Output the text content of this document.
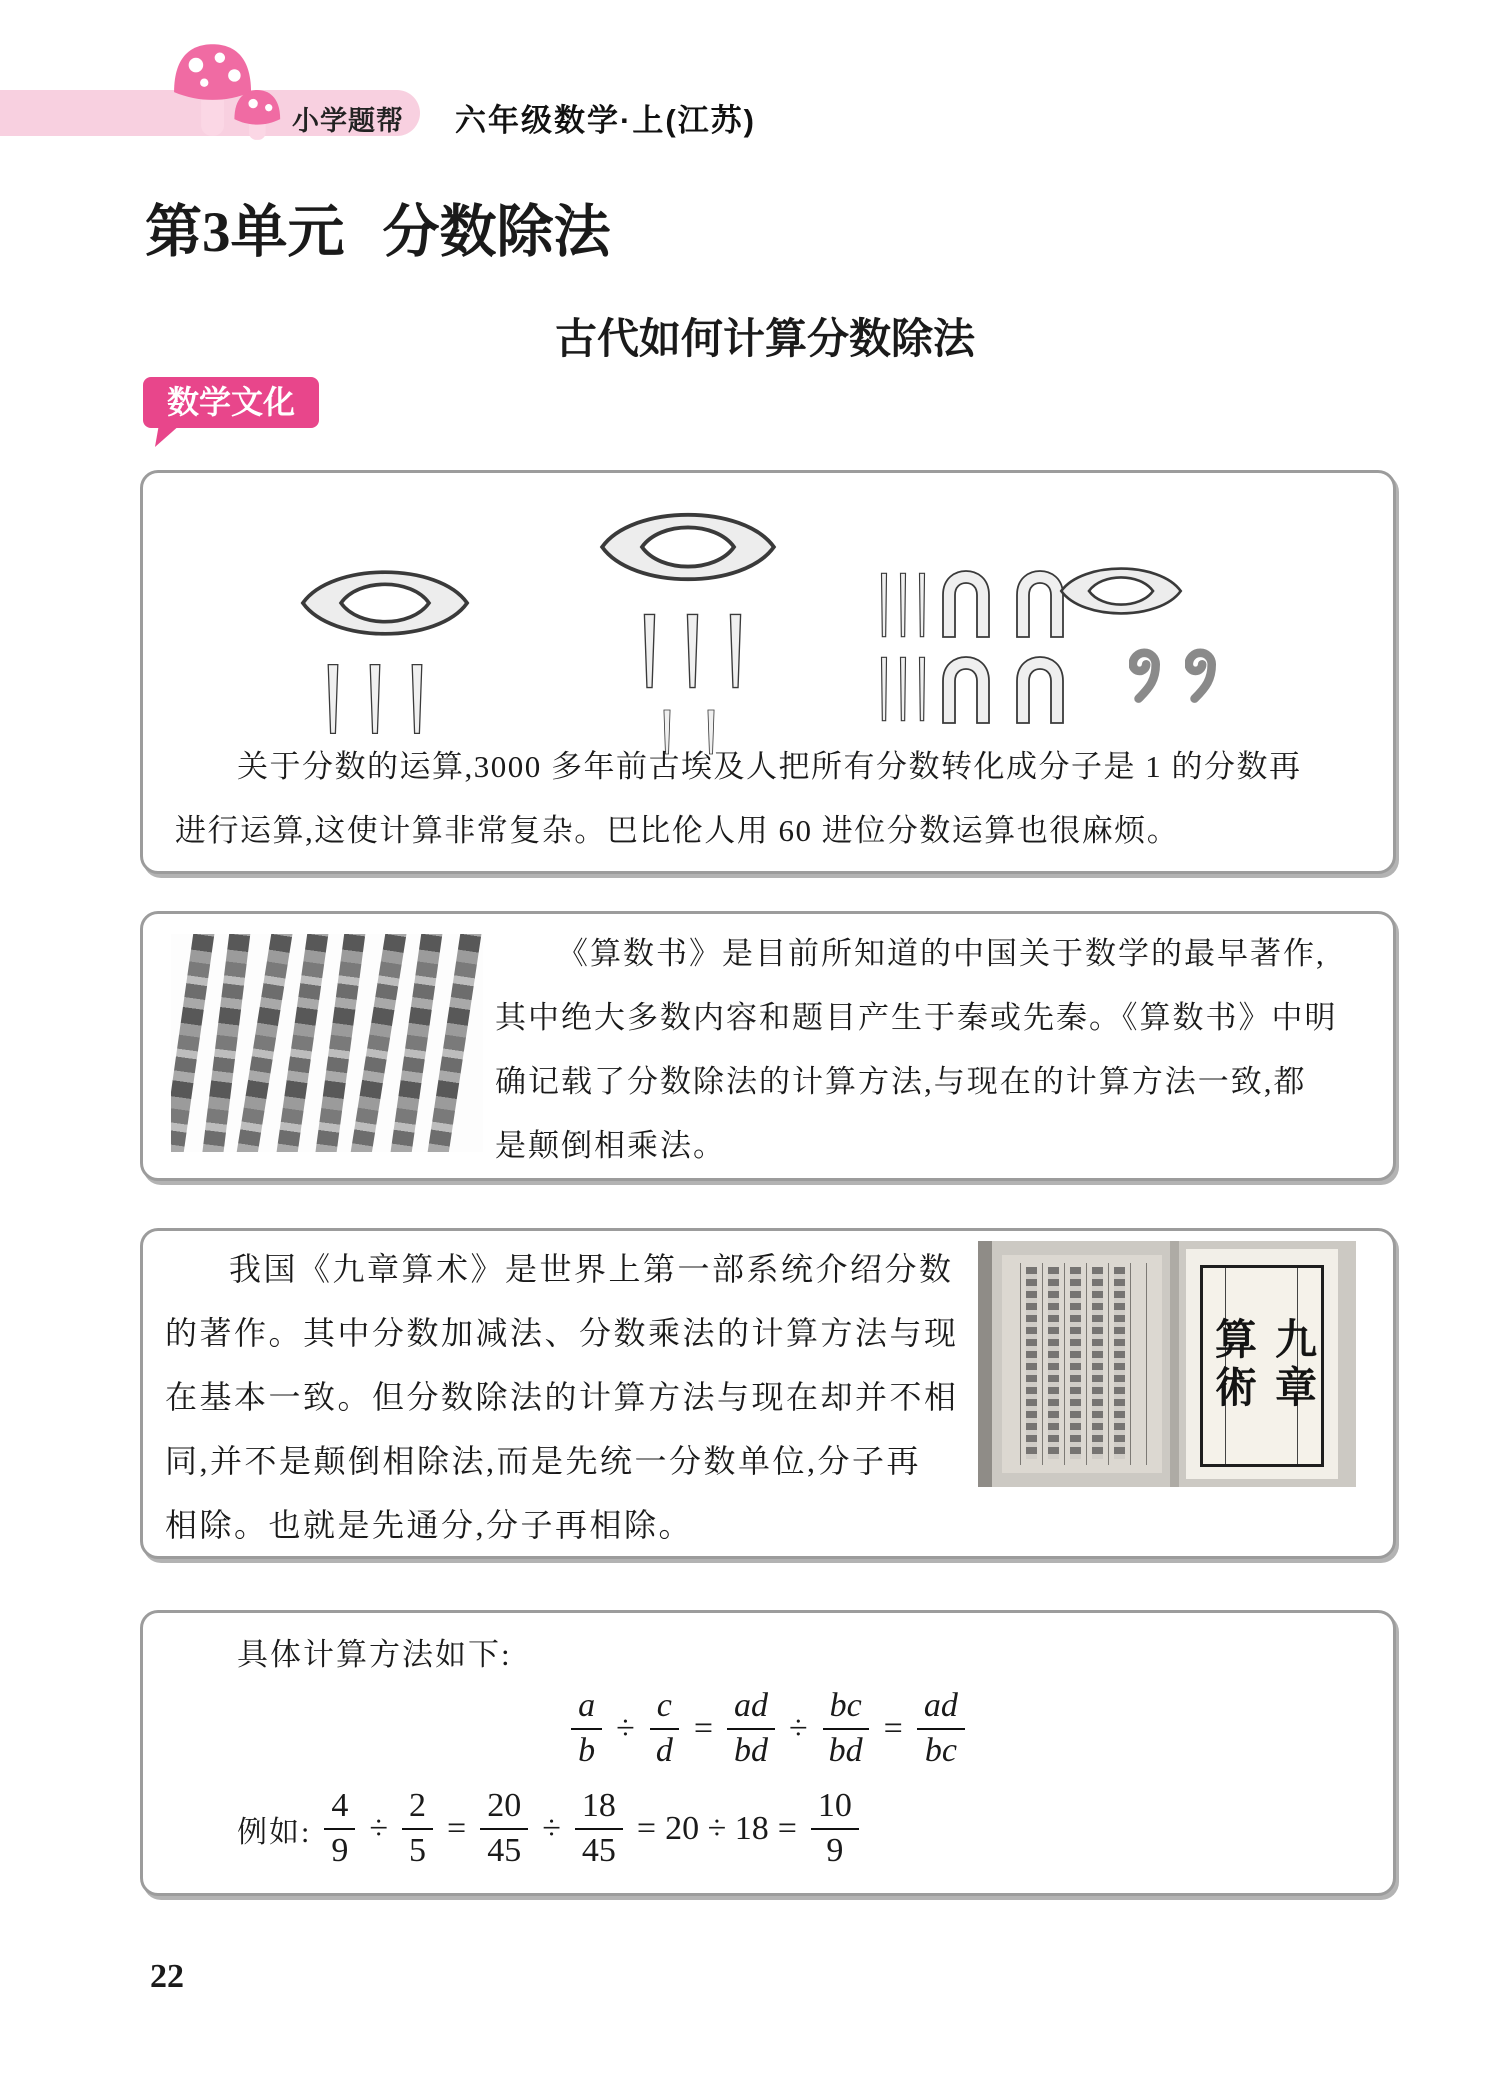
小学题帮 六年级数学·上(江苏)
第3单元 分数除法
古代如何计算分数除法
数学文化
关于分数的运算,3000 多年前古埃及人把所有分数转化成分子是 1 的分数再
进行运算,这使计算非常复杂。巴比伦人用 60 进位分数运算也很麻烦。
《算数书》是目前所知道的中国关于数学的最早著作,
其中绝大多数内容和题目产生于秦或先秦。《算数书》中明
确记载了分数除法的计算方法,与现在的计算方法一致,都
是颠倒相乘法。
我国《九章算术》是世界上第一部系统介绍分数
的著作。其中分数加减法、分数乘法的计算方法与现
在基本一致。但分数除法的计算方法与现在却并不相
同,并不是颠倒相除法,而是先统一分数单位,分子再
相除。也就是先通分,分子再相除。
九章算術
具体计算方法如下:
$\frac{a}{b} \div \frac{c}{d} = \frac{ad}{bd} \div \frac{bc}{bd} = \frac{ad}{bc}$
例如: $\frac{4}{9} \div \frac{2}{5} = \frac{20}{45} \div \frac{18}{45} = 20 \div 18 = \frac{10}{9}$
22
